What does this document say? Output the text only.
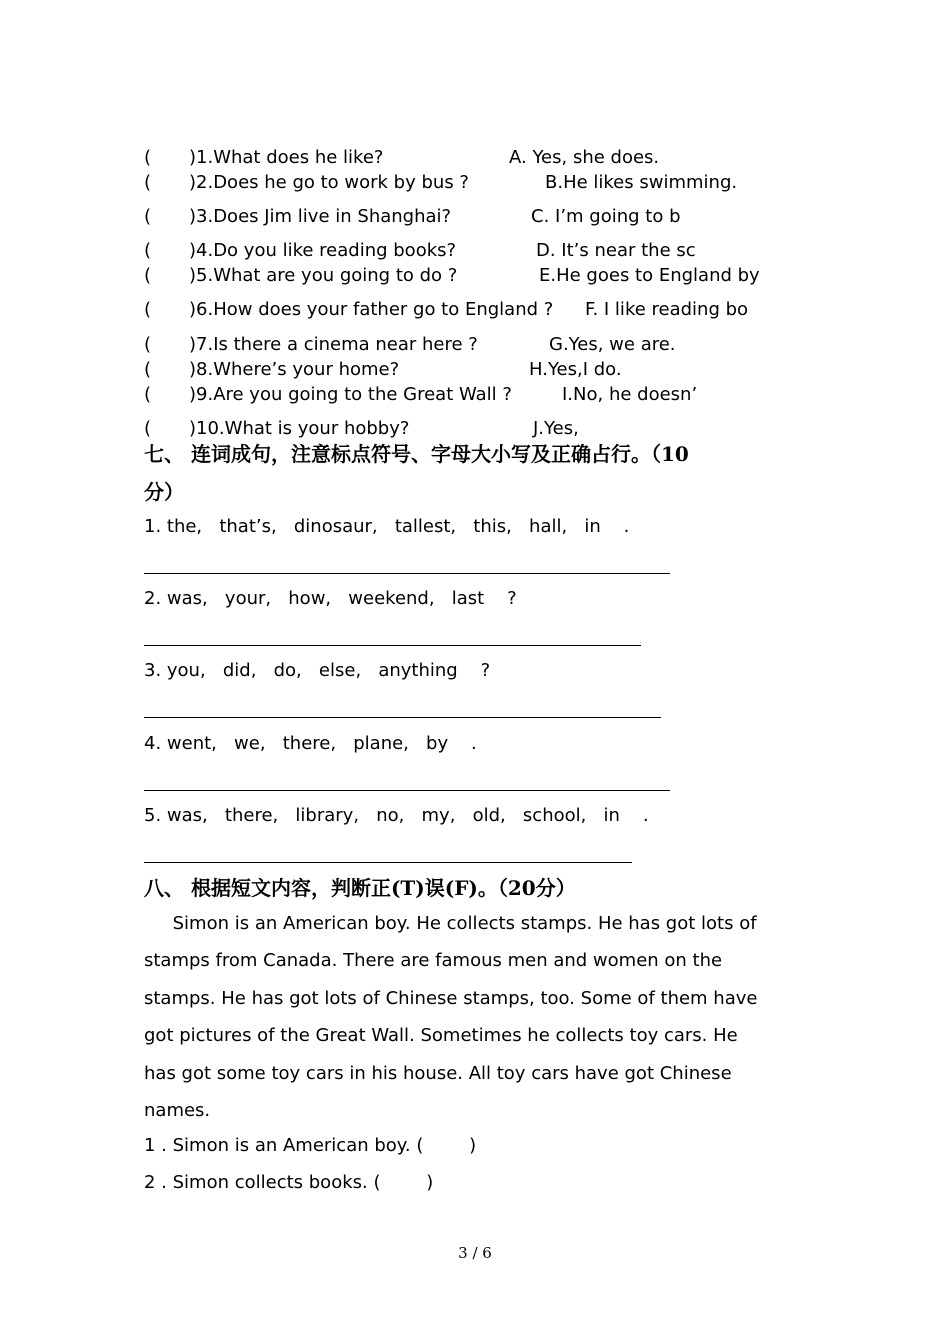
( )1.What does he like?	A. Yes, she does.
( )2.Does he go to work by bus ?	B.He likes swimming.
( )3.Does Jim live in Shanghai?	C. I’m going to b
( )4.Do you like reading books?	D. It’s near the sc
( )5.What are you going to do ?	E.He goes to England by
( )6.How does your father go to England ? F. I like reading bo
( )7.Is there a cinema near here ?	G.Yes, we are.
( )8.Where’s your home?	H.Yes,I do.
( )9.Are you going to the Great Wall ?	I.No, he doesn’
( )10.What is your hobby?	J.Yes,
七、 连词成句，注意标点符号、字母大小写及正确占行。（10
分）
1. the,   that’s,   dinosaur,   tallest,   this,   hall,   in    .
2. was,   your,   how,   weekend,   last    ?
3. you,   did,   do,   else,   anything    ?
4. went,   we,   there,   plane,   by    .
5. was,   there,   library,   no,   my,   old,   school,   in    .
八、 根据短文内容，判断正(T)误(F)。（20分）
Simon is an American boy. He collects stamps. He has got lots of
stamps from Canada. There are famous men and women on the
stamps. He has got lots of Chinese stamps, too. Some of them have
got pictures of the Great Wall. Sometimes he collects toy cars. He
has got some toy cars in his house. All toy cars have got Chinese
names.
1 . Simon is an American boy. (        )
2 . Simon collects books. (        )
3 / 6
